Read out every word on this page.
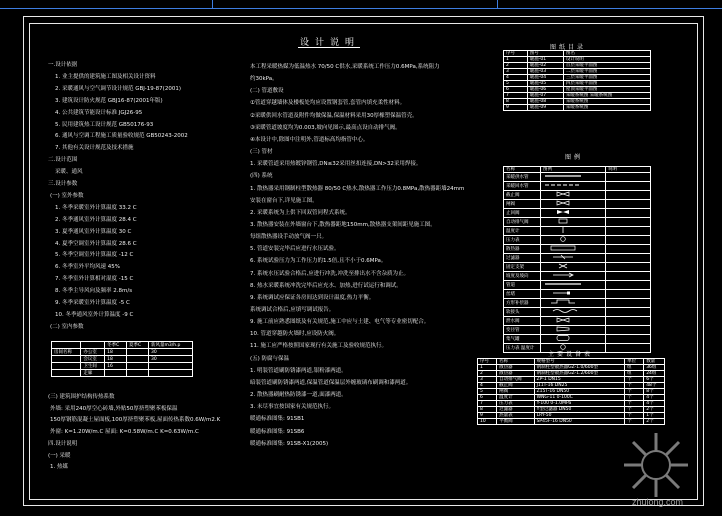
设计说明
一.设计依据
1. 业主提供的建筑施工图及相关设计资料
2. 采暖通风与空气调节设计规范 GBJ-19-87(2001)
3. 建筑设计防火规范 GBJ16-87(2001年版)
4. 公共建筑节能设计标准 JGJ26-95
5. 民用建筑热工设计规范 GB50176-93
6. 通风与空调工程施工质量验收规范 GB50243-2002
7. 其他有关设计规范及技术措施
二.设计范围
采暖、通风
三.设计参数
(一) 室外参数
1. 冬季采暖室外计算温度 33.2 C
2. 冬季通风室外计算温度 28.4 C
3. 夏季通风室外计算温度 30 C
4. 夏季空调室外计算温度 28.6 C
5. 冬季空调室外计算温度 -12 C
6. 冬季室外平均风速 45%
7. 冬季室外计算相对湿度 -15 C
8. 冬季主导风向及频率 2.8m/s
9. 冬季采暖室外计算温度 -5 C
10. 冬季通风室外计算温度 -9 C
(二) 室内参数
		冬季C	夏季C	新风量m3/h.p
房间名称	办公室	18		30
	会议室	18		30
	卫生间	16		
	走廊			
(三) 建筑围护结构传热系数
外墙: 采用240厚空心砖墙,外贴50厚挤塑聚苯板保温
150厚钢筋混凝土屋面板,100厚挤塑聚苯板,屋面传热系数0.6W/m2.K
外窗: K=1.20W/m.C 屋面: K=0.58W/m.C K=0.63W/m.C
四.设计说明
(一) 采暖
1. 热媒
本工程采暖热媒为低温热水 70/50 C供水,采暖系统工作压力0.6MPa,系统阻力
约30kPa。
(二) 管道敷设
①管道穿越墙体及楼板处均应设置钢套管,套管内填充柔性材料。
②采暖供回水管道及附件均做保温,保温材料采用30厚橡塑保温管壳。
③采暖管道坡度均为0.003,坡向见图示,最高点设自动排气阀。
④本设计中,除图中注明外,管道标高均指管中心。
(三) 管材
1. 采暖管道采用热镀锌钢管,DN≤32采用丝扣连接,DN>32采用焊接。
(四) 系统
1. 散热器采用钢制柱型散热器 80/50 C热水,散热器工作压力0.8MPa,散热器距墙24mm
安装在窗台下,详见施工图。
2. 采暖系统为上供下回双管同程式系统。
3. 散热器安装在外墙窗台下,散热器距地150mm,散热器支架间距见施工图。
每组散热器设手动放气阀一只。
5. 管道安装完毕后应进行水压试验。
6. 系统试验压力为工作压力的1.5倍,且不小于0.6MPa。
7. 系统水压试验合格后,应进行冲洗,冲洗至排出水不含杂质为止。
8. 热水采暖系统冲洗完毕后应充水、加热,进行试运行和调试。
9. 系统调试应保证各房间达到设计温度,热力平衡。
系统调试合格后,应填写调试报告。
9. 施工前应熟悉图纸及有关规范,施工中应与土建、电气等专业密切配合。
10. 管道穿越防火墙时,应设防火阀。
11. 施工应严格按照国家现行有关施工及验收规范执行。
(五) 防腐与保温
1. 明装管道刷防锈漆两道,银粉漆两道。
暗装管道刷防锈漆两道,保温管道保温层外缠玻璃布刷调和漆两道。
2. 散热器刷耐热防锈漆一道,面漆两道。
3. 未尽事宜按国家有关规范执行。
暖通标准图集: 91SB1
暖通标准图集: 91SB6
暖通标准图集: 91SB-X1(2005)
图纸目录
序号	图号	图名
1	暖施-01	设计说明
2	暖施-02	首层采暖平面图
3	暖施-03	二层采暖平面图
4	暖施-04	三层采暖平面图
5	暖施-05	四层采暖平面图
6	暖施-06	屋顶采暖平面图
7	暖施-07	采暖系统图 采暖系统图
8	暖施-08	采暖系统图
9	暖施-09	采暖系统图
图例
名称	图例	说明
采暖供水管		
采暖回水管		
截止阀		
闸阀		
止回阀		
自动排气阀		
温度计		
压力表		
散热器		
过滤器		
固定支架		
坡度及坡向		
管道		
丝堵		
方形补偿器		
软接头		
泄水阀		
变径管		
集气罐		
压力表 温度计		
主要设备表
序号	名称	规格型号	单位	数量
1	散热器	钢制柱型散热器GZ-1.0/600型	组	36组
2	散热器	钢制柱型散热器GZ-1.2/600型	组	24组
3	自动排气阀	ZP-1 DN15	个	6个
4	截止阀	J11T-16 DN25	个	48个
5	闸阀	Z15T-16 DN50	个	8个
6	温度计	WNG-11 0-100C	个	4个
7	压力表	Y-100 0-1.0MPa	个	4个
8	过滤器	Y型过滤器 DN50	个	2个
9	热量表	LRY-50	个	1个
10	平衡阀	SP45F-16 DN50	个	2个
zhulong.com
